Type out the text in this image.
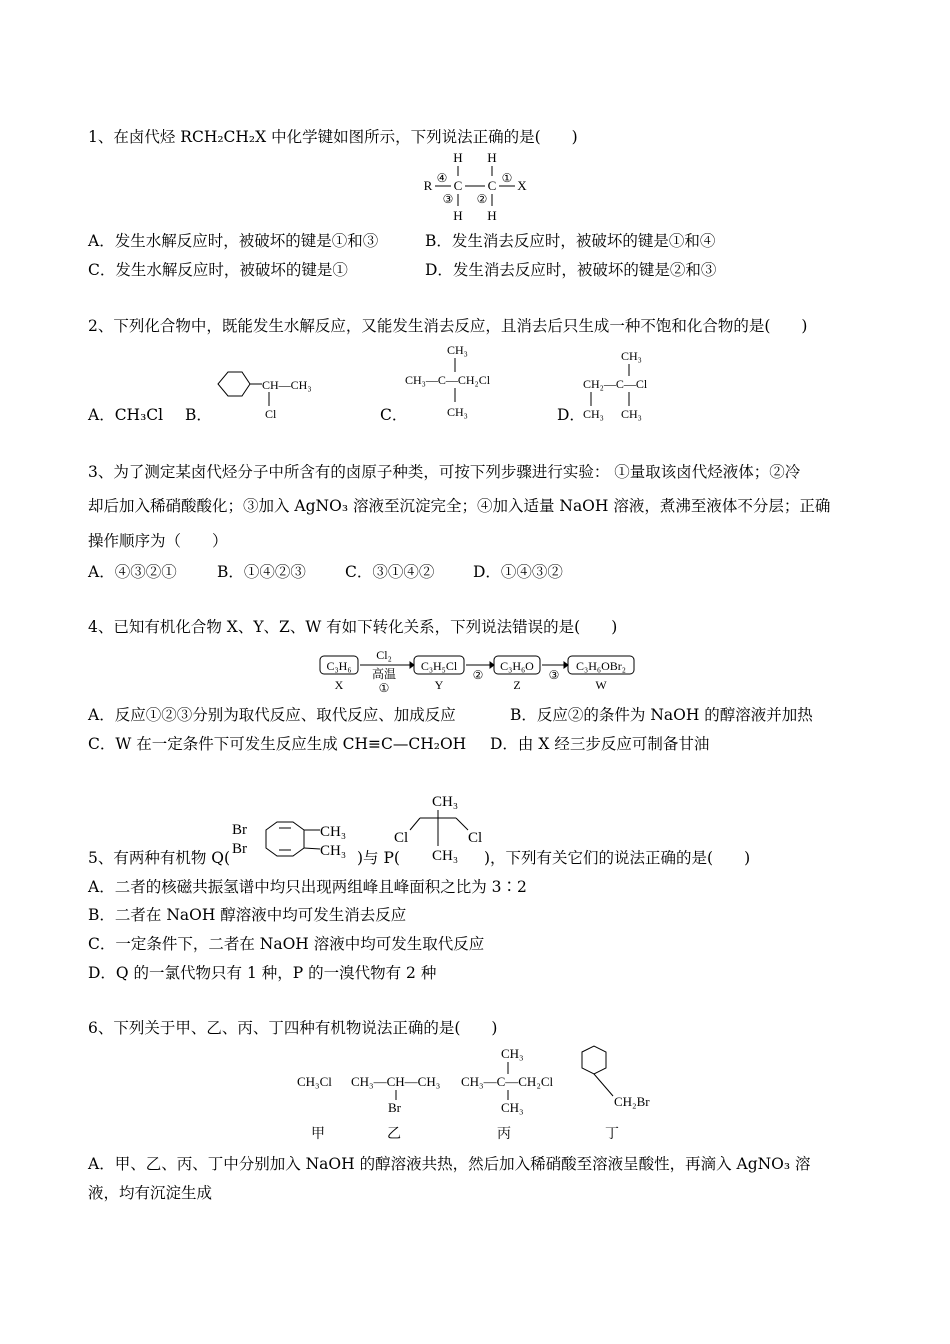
1、在卤代烃 RCH₂CH₂X 中化学键如图所示，下列说法正确的是(　　)
H H
H H
R	X
C C
④	①
③ ②
A．发生水解反应时，被破坏的键是①和③	B．发生消去反应时，被破坏的键是①和④
C．发生水解反应时，被破坏的键是①	D．发生消去反应时，被破坏的键是②和③
2、下列化合物中，既能发生水解反应，又能发生消去反应，且消去后只生成一种不饱和化合物的是(　　)
A．CH₃Cl B．
CH—CH₃
Cl	C．
CH₃
CH₃—C—CH₂Cl
CH₃	D．
CH₃
CH₂—C—Cl
CH₃ CH₃
3、为了测定某卤代烃分子中所含有的卤原子种类，可按下列步骤进行实验： ①量取该卤代烃液体；②冷
却后加入稀硝酸酸化；③加入 AgNO₃ 溶液至沉淀完全；④加入适量 NaOH 溶液，煮沸至液体不分层；正确
操作顺序为（　　）
A．④③②①	B．①④②③	C．③①④② D．①④③②
4、已知有机化合物 X、Y、Z、W 有如下转化关系，下列说法错误的是(　　)
C₃H₆	C₃H₅Cl	C₃H₆O	C₃H₆OBr₂
Cl₂
高温
①
②	③
X	Y	Z	W
A．反应①②③分别为取代反应、取代反应、加成反应	B．反应②的条件为 NaOH 的醇溶液并加热
C．W 在一定条件下可发生反应生成 CH≡C—CH₂OH D．由 X 经三步反应可制备甘油
5、有两种有机物 Q(
Br
Br
CH₃
CH₃ )与 P(
CH₃
Cl	Cl
CH₃ )，下列有关它们的说法正确的是(　　)
A．二者的核磁共振氢谱中均只出现两组峰且峰面积之比为 3∶2
B．二者在 NaOH 醇溶液中均可发生消去反应
C．一定条件下，二者在 NaOH 溶液中均可发生取代反应
D．Q 的一氯代物只有 1 种，P 的一溴代物有 2 种
6、下列关于甲、乙、丙、丁四种有机物说法正确的是(　　)
CH₃Cl CH₃—CH—CH₃
Br
CH₃
CH₃—C—CH₂Cl
CH₃	CH₂Br
甲	乙	丙	丁
A．甲、乙、丙、丁中分别加入 NaOH 的醇溶液共热，然后加入稀硝酸至溶液呈酸性，再滴入 AgNO₃ 溶
液，均有沉淀生成
